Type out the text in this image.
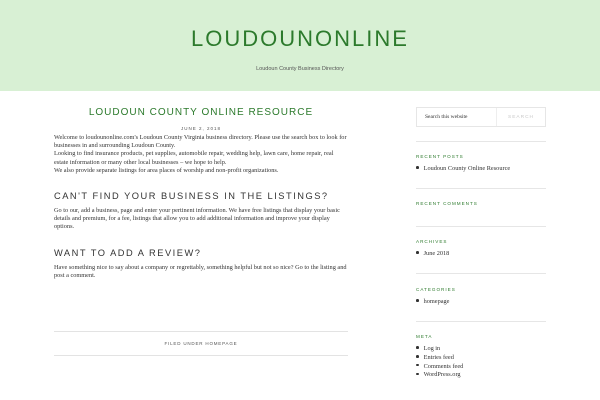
LOUDOUNONLINE
Loudoun County Business Directory
LOUDOUN COUNTY ONLINE RESOURCE
JUNE 2, 2018

Welcome to loudounonline.com's Loudoun County Virginia business directory. Please use the search box to look for businesses in and surrounding Loudoun County.

Looking to find insurance products, pet supplies, automobile repair, wedding help, lawn care, home repair, real estate information or many other local businesses – we hope to help.

We also provide separate listings for area places of worship and non-profit organizations.

CAN'T FIND YOUR BUSINESS IN THE LISTINGS?

Go to our, add a business, page and enter your pertinent information. We have free listings that display your basic details and premium, for a fee, listings that allow you to add additional information and improve your display options.

WANT TO ADD A REVIEW?

Have something nice to say about a company or regrettably, something helpful but not so nice? Go to the listing and post a comment.

FILED UNDER HOMEPAGE
Search this website
SEARCH
RECENT POSTS
Loudoun County Online Resource
RECENT COMMENTS
ARCHIVES
June 2018
CATEGORIES
homepage
META
Log in
Entries feed
Comments feed
WordPress.org
